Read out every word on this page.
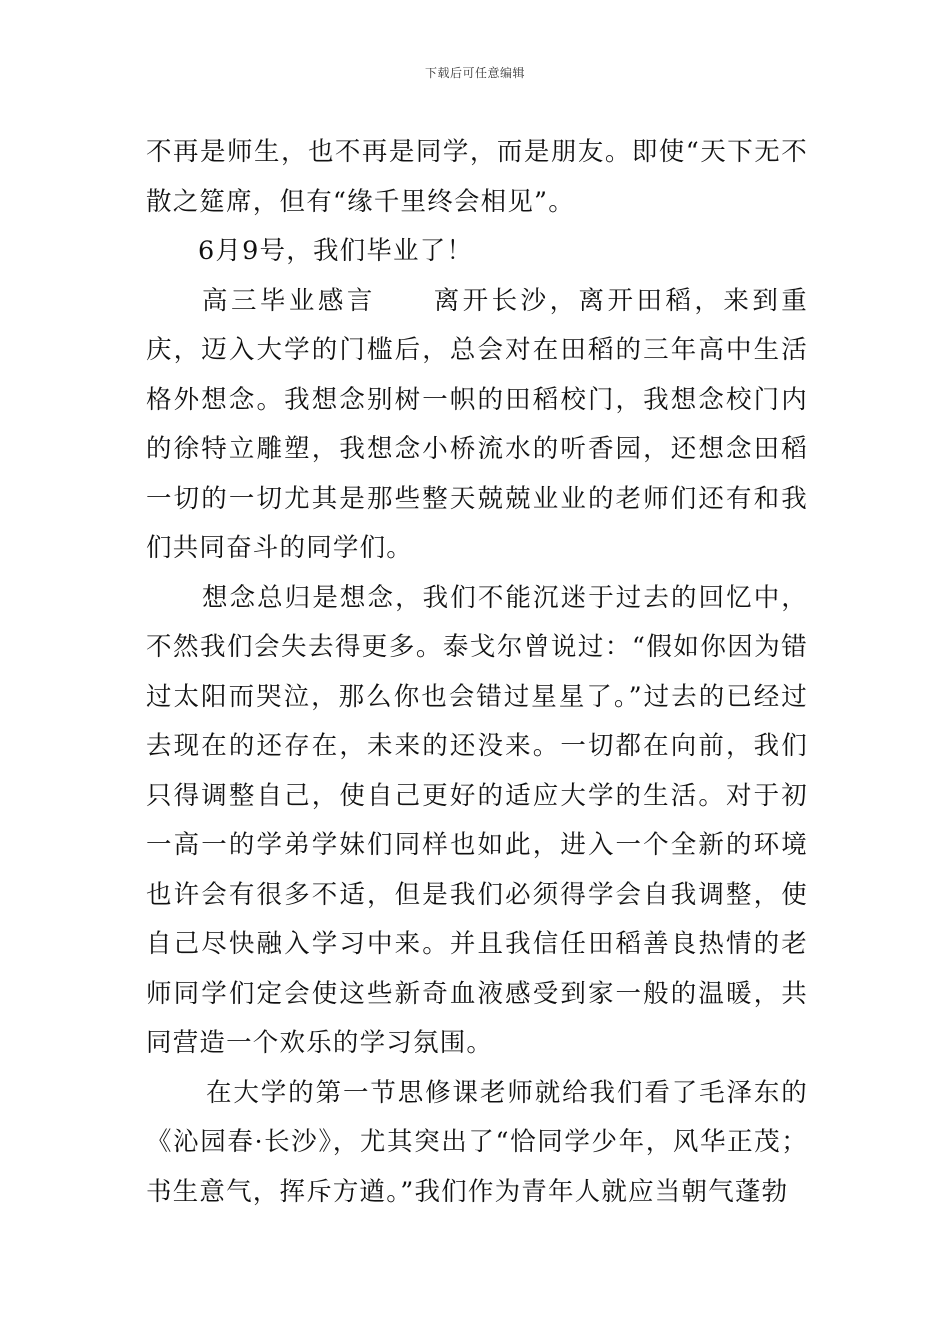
下载后可任意编辑

不再是师生，也不再是同学，而是朋友。即使“天下无不散之筵席，但有“缘千里终会相见”。

6月9号，我们毕业了！

高三毕业感言　　离开长沙，离开田稻，来到重庆，迈入大学的门槛后，总会对在田稻的三年高中生活格外想念。我想念别树一帜的田稻校门，我想念校门内的徐特立雕塑，我想念小桥流水的听香园，还想念田稻一切的一切尤其是那些整天兢兢业业的老师们还有和我们共同奋斗的同学们。

想念总归是想念，我们不能沉迷于过去的回忆中，不然我们会失去得更多。泰戈尔曾说过：“假如你因为错过太阳而哭泣，那么你也会错过星星了。”过去的已经过去现在的还存在，未来的还没来。一切都在向前，我们只得调整自己，使自己更好的适应大学的生活。对于初一高一的学弟学妹们同样也如此，进入一个全新的环境也许会有很多不适，但是我们必须得学会自我调整，使自己尽快融入学习中来。并且我信任田稻善良热情的老师同学们定会使这些新奇血液感受到家一般的温暖，共同营造一个欢乐的学习氛围。

在大学的第一节思修课老师就给我们看了毛泽东的《沁园春·长沙》，尤其突出了“恰同学少年，风华正茂；书生意气，挥斥方遒。”我们作为青年人就应当朝气蓬勃
